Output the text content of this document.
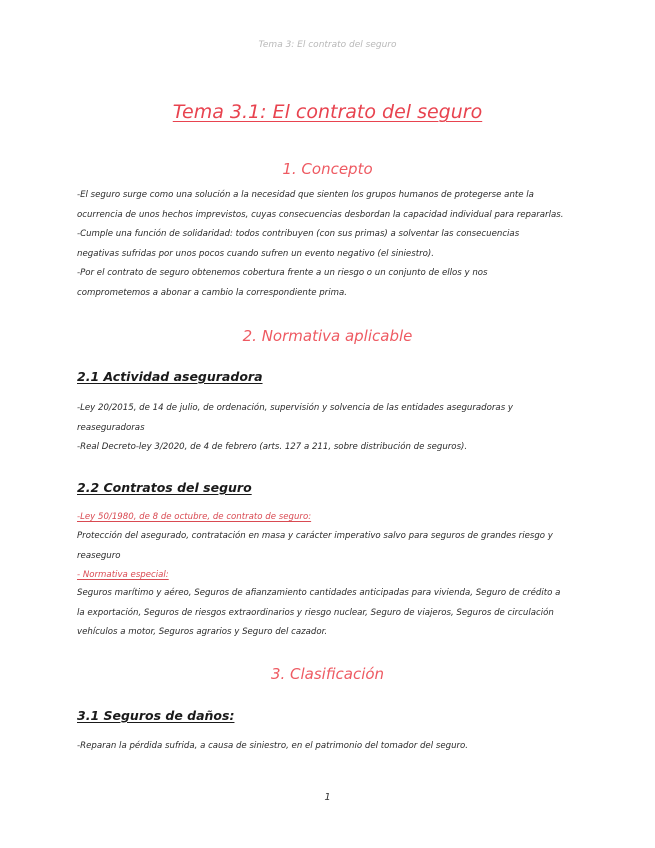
Tema 3: El contrato del seguro
Tema 3.1: El contrato del seguro
1. Concepto
-El seguro surge como una solución a la necesidad que sienten los grupos humanos de protegerse ante la
ocurrencia de unos hechos imprevistos, cuyas consecuencias desbordan la capacidad individual para repararlas.
-Cumple una función de solidaridad: todos contribuyen (con sus primas) a solventar las consecuencias
negativas sufridas por unos pocos cuando sufren un evento negativo (el siniestro).
-Por el contrato de seguro obtenemos cobertura frente a un riesgo o un conjunto de ellos y nos
comprometemos a abonar a cambio la correspondiente prima.
2. Normativa aplicable
2.1 Actividad aseguradora
-Ley 20/2015, de 14 de julio, de ordenación, supervisión y solvencia de las entidades aseguradoras y
reaseguradoras
-Real Decreto-ley 3/2020, de 4 de febrero (arts. 127 a 211, sobre distribución de seguros).
2.2 Contratos del seguro
-Ley 50/1980, de 8 de octubre, de contrato de seguro:
Protección del asegurado, contratación en masa y carácter imperativo salvo para seguros de grandes riesgo y
reaseguro
- Normativa especial:
Seguros marítimo y aéreo, Seguros de afianzamiento cantidades anticipadas para vivienda, Seguro de crédito a
la exportación, Seguros de riesgos extraordinarios y riesgo nuclear, Seguro de viajeros, Seguros de circulación
vehículos a motor, Seguros agrarios y Seguro del cazador.
3. Clasificación
3.1 Seguros de daños:
-Reparan la pérdida sufrida, a causa de siniestro, en el patrimonio del tomador del seguro.
1
